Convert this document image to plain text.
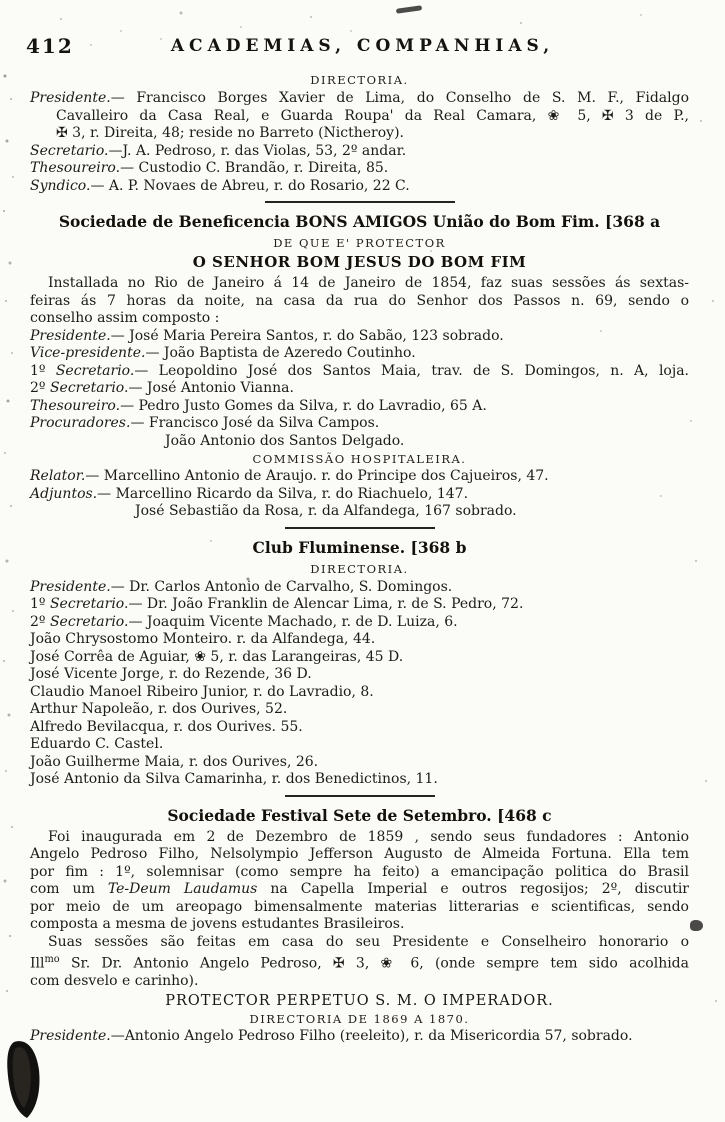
412	ACADEMIAS, COMPANHIAS,
DIRECTORIA.
Presidente.— Francisco Borges Xavier de Lima, do Conselho de S. M. F., Fidalgo
Cavalleiro da Casa Real, e Guarda Roupa' da Real Camara, ❀ 5, ✠ 3 de P.,
✠ 3, r. Direita, 48; reside no Barreto (Nictheroy).
Secretario.—J. A. Pedroso, r. das Violas, 53, 2º andar.
Thesoureiro.— Custodio C. Brandão, r. Direita, 85.
Syndico.— A. P. Novaes de Abreu, r. do Rosario, 22 C.
Sociedade de Beneficencia BONS AMIGOS União do Bom Fim. [368 a
DE QUE E' PROTECTOR
O SENHOR BOM JESUS DO BOM FIM
Installada no Rio de Janeiro á 14 de Janeiro de 1854, faz suas sessões ás sextas-
feiras ás 7 horas da noite, na casa da rua do Senhor dos Passos n. 69, sendo o
conselho assim composto :
Presidente.— José Maria Pereira Santos, r. do Sabão, 123 sobrado.
Vice-presidente.— João Baptista de Azeredo Coutinho.
1º Secretario.— Leopoldino José dos Santos Maia, trav. de S. Domingos, n. A, loja.
2º Secretario.— José Antonio Vianna.
Thesoureiro.— Pedro Justo Gomes da Silva, r. do Lavradio, 65 A.
Procuradores.— Francisco José da Silva Campos.
João Antonio dos Santos Delgado.
COMMISSÃO HOSPITALEIRA.
Relator.— Marcellino Antonio de Araujo. r. do Principe dos Cajueiros, 47.
Adjuntos.— Marcellino Ricardo da Silva, r. do Riachuelo, 147.
José Sebastião da Rosa, r. da Alfandega, 167 sobrado.
Club Fluminense. [368 b
DIRECTORIA.
Presidente.— Dr. Carlos Antonio de Carvalho, S. Domingos.
1º Secretario.— Dr. João Franklin de Alencar Lima, r. de S. Pedro, 72.
2º Secretario.— Joaquim Vicente Machado, r. de D. Luiza, 6.
João Chrysostomo Monteiro. r. da Alfandega, 44.
José Corrêa de Aguiar, ❀ 5, r. das Larangeiras, 45 D.
José Vicente Jorge, r. do Rezende, 36 D.
Claudio Manoel Ribeiro Junior, r. do Lavradio, 8.
Arthur Napoleão, r. dos Ourives, 52.
Alfredo Bevilacqua, r. dos Ourives. 55.
Eduardo C. Castel.
João Guilherme Maia, r. dos Ourives, 26.
José Antonio da Silva Camarinha, r. dos Benedictinos, 11.
Sociedade Festival Sete de Setembro. [468 c
Foi inaugurada em 2 de Dezembro de 1859 , sendo seus fundadores : Antonio
Angelo Pedroso Filho, Nelsolympio Jefferson Augusto de Almeida Fortuna. Ella tem
por fim : 1º, solemnisar (como sempre ha feito) a emancipação politica do Brasil
com um Te-Deum Laudamus na Capella Imperial e outros regosijos; 2º, discutir
por meio de um areopago bimensalmente materias litterarias e scientificas, sendo
composta a mesma de jovens estudantes Brasileiros.
Suas sessões são feitas em casa do seu Presidente e Conselheiro honorario o
Ill$^{mo}$ Sr. Dr. Antonio Angelo Pedroso, ✠ 3, ❀ 6, (onde sempre tem sido acolhida
com desvelo e carinho).
PROTECTOR PERPETUO S. M. O IMPERADOR.
DIRECTORIA DE 1869 A 1870.
Presidente.—Antonio Angelo Pedroso Filho (reeleito), r. da Misericordia 57, sobrado.
